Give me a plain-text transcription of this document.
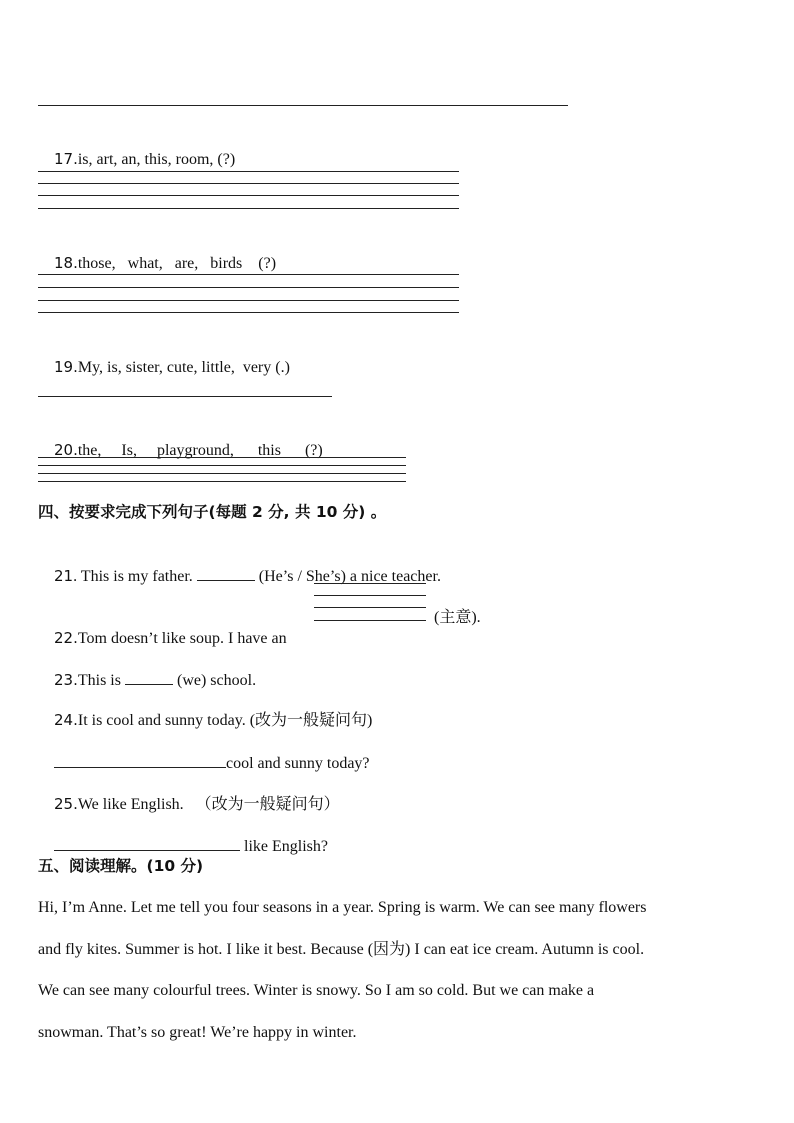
17.is, art, an, this, room, (?)

18.those,   what,   are,   birds    (?)

19.My, is, sister, cute, little,  very (.)

20.the,     Is,     playground,      this      (?)

四、按要求完成下列句子(每题 2 分, 共 10 分) 。

21. This is my father.	(He’s / She’s) a nice teacher.

22.Tom doesn’t like soup. I have an

(主意).

23.This is	(we) school.

24.It is cool and sunny today. (改为一般疑问句)

cool and sunny today?

25.We like English.   （改为一般疑问句）

like English?

五、阅读理解。(10 分)
Hi, I’m Anne. Let me tell you four seasons in a year. Spring is warm. We can see many flowers
and fly kites. Summer is hot. I like it best. Because (因为) I can eat ice cream. Autumn is cool.
We can see many colourful trees. Winter is snowy. So I am so cold. But we can make a
snowman. That’s so great! We’re happy in winter.
